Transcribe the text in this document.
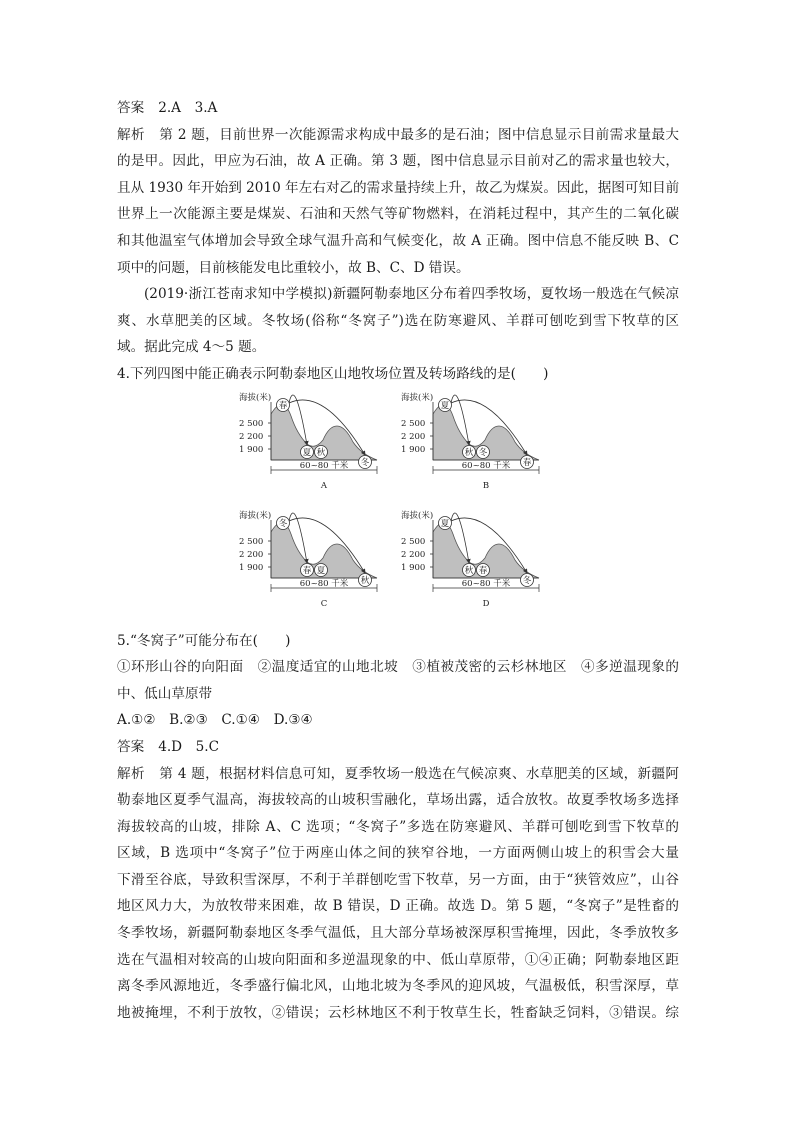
答案 2.A　3.A
解析 第 2 题，目前世界一次能源需求构成中最多的是石油；图中信息显示目前需求量最大
的是甲。因此，甲应为石油，故 A 正确。第 3 题，图中信息显示目前对乙的需求量也较大，
且从 1930 年开始到 2010 年左右对乙的需求量持续上升，故乙为煤炭。因此，据图可知目前
世界上一次能源主要是煤炭、石油和天然气等矿物燃料，在消耗过程中，其产生的二氧化碳
和其他温室气体增加会导致全球气温升高和气候变化，故 A 正确。图中信息不能反映 B、C
项中的问题，目前核能发电比重较小，故 B、C、D 错误。
(2019·浙江苍南求知中学模拟)新疆阿勒泰地区分布着四季牧场，夏牧场一般选在气候凉
爽、水草肥美的区域。冬牧场(俗称“冬窝子”)选在防寒避风、羊群可刨吃到雪下牧草的区
域。据此完成 4～5 题。
4.下列四图中能正确表示阿勒泰地区山地牧场位置及转场路线的是(　　)
海拔(米)
2 500
2 200
1 900
春
夏 秋
冬
60~80 千米
A
海拔(米)
2 500
2 200
1 900
夏
秋 冬
春
60~80 千米
B
海拔(米)
2 500
2 200
1 900
冬
春 夏
秋
60~80 千米
C
海拔(米)
2 500
2 200
1 900
夏
秋 春
冬
60~80 千米
D
5.“冬窝子”可能分布在(　　)
①环形山谷的向阳面　②温度适宜的山地北坡　③植被茂密的云杉林地区　④多逆温现象的
中、低山草原带
A.①②　B.②③　C.①④　D.③④
答案 4.D　5.C
解析 第 4 题，根据材料信息可知，夏季牧场一般选在气候凉爽、水草肥美的区域，新疆阿
勒泰地区夏季气温高，海拔较高的山坡积雪融化，草场出露，适合放牧。故夏季牧场多选择
海拔较高的山坡，排除 A、C 选项；“冬窝子”多选在防寒避风、羊群可刨吃到雪下牧草的
区域，B 选项中“冬窝子”位于两座山体之间的狭窄谷地，一方面两侧山坡上的积雪会大量
下滑至谷底，导致积雪深厚，不利于羊群刨吃雪下牧草，另一方面，由于“狭管效应”，山谷
地区风力大，为放牧带来困难，故 B 错误，D 正确。故选 D。第 5 题，“冬窝子”是牲畜的
冬季牧场，新疆阿勒泰地区冬季气温低，且大部分草场被深厚积雪掩埋，因此，冬季放牧多
选在气温相对较高的山坡向阳面和多逆温现象的中、低山草原带，①④正确；阿勒泰地区距
离冬季风源地近，冬季盛行偏北风，山地北坡为冬季风的迎风坡，气温极低，积雪深厚，草
地被掩埋，不利于放牧，②错误；云杉林地区不利于牧草生长，牲畜缺乏饲料，③错误。综
